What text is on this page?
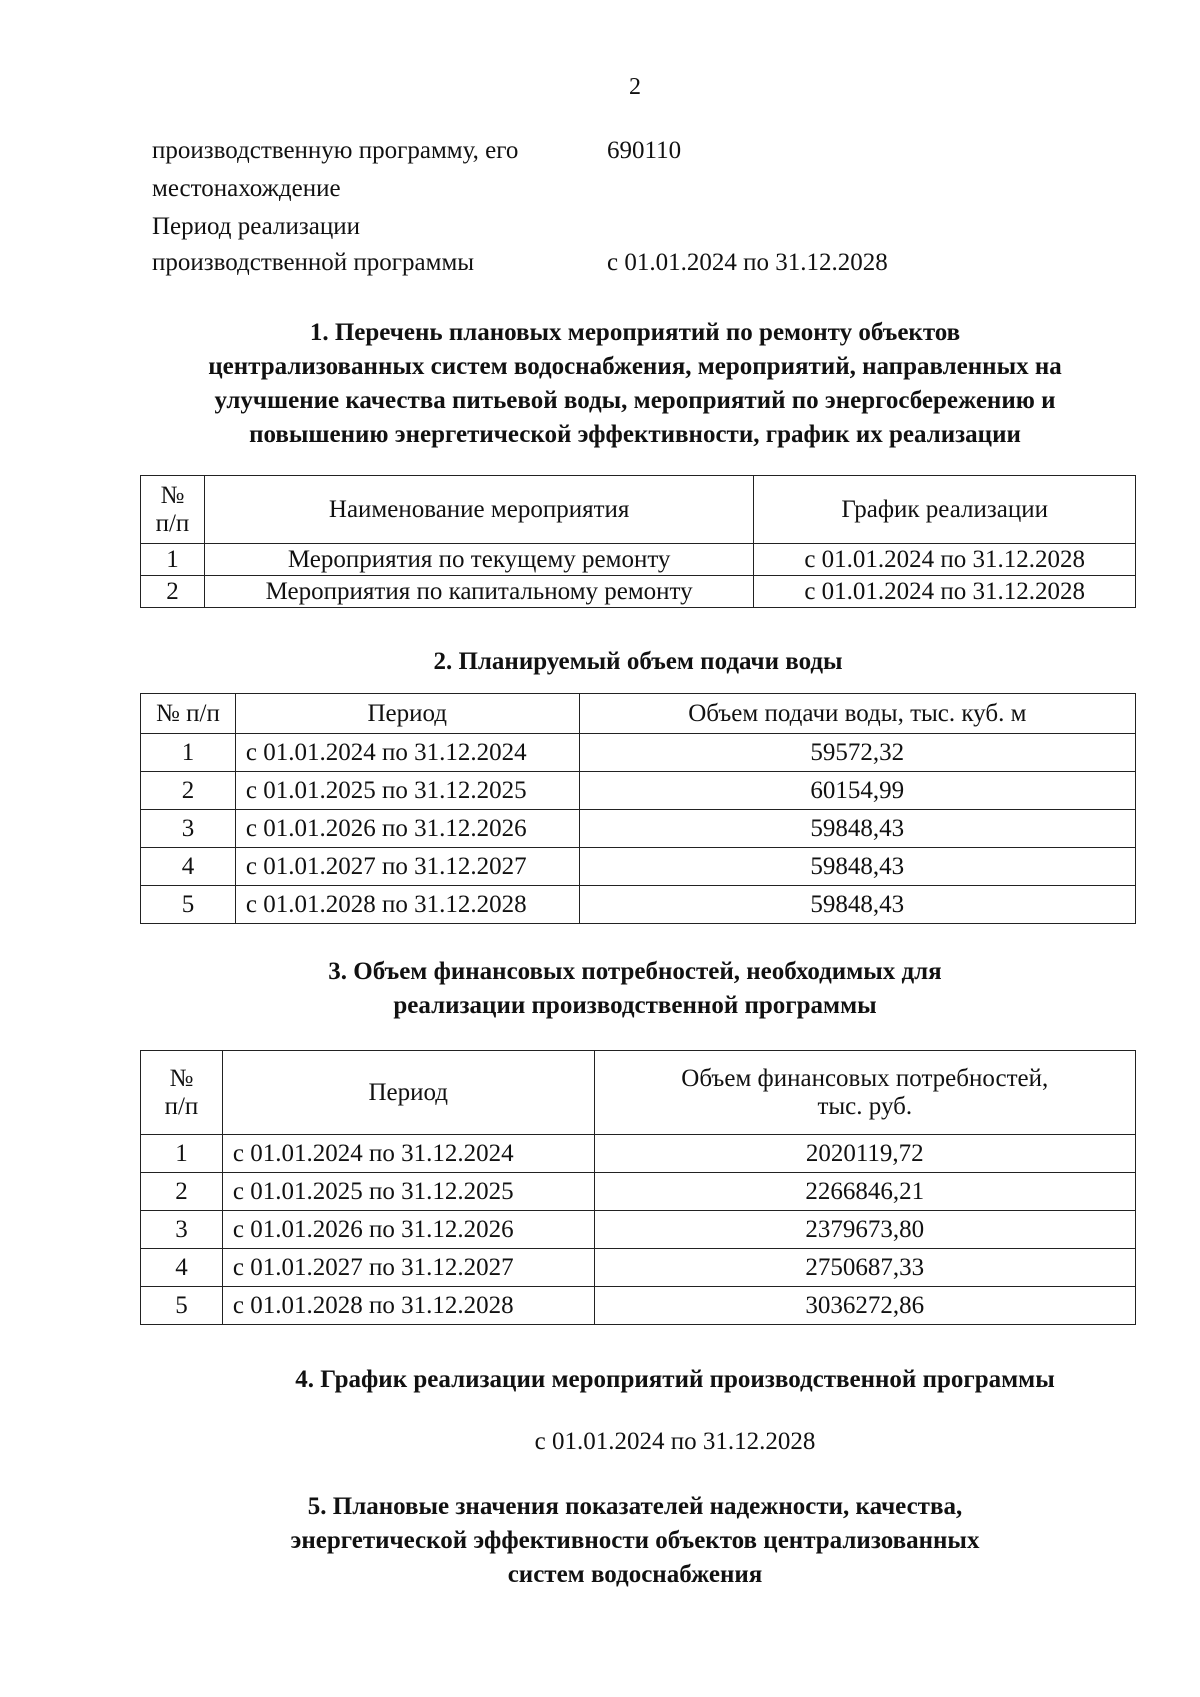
2
производственную программу, его	690110
местонахождение
Период реализации
производственной программы	с 01.01.2024 по 31.12.2028
1. Перечень плановых мероприятий по ремонту объектов
централизованных систем водоснабжения, мероприятий, направленных на
улучшение качества питьевой воды, мероприятий по энергосбережению и
повышению энергетической эффективности, график их реализации
№
п/п	Наименование мероприятия	График реализации
1	Мероприятия по текущему ремонту	с 01.01.2024 по 31.12.2028
2	Мероприятия по капитальному ремонту	с 01.01.2024 по 31.12.2028
2. Планируемый объем подачи воды
№ п/п	Период	Объем подачи воды, тыс. куб. м
1	с 01.01.2024 по 31.12.2024	59572,32
2	с 01.01.2025 по 31.12.2025	60154,99
3	с 01.01.2026 по 31.12.2026	59848,43
4	с 01.01.2027 по 31.12.2027	59848,43
5	с 01.01.2028 по 31.12.2028	59848,43
3. Объем финансовых потребностей, необходимых для
реализации производственной программы
№
п/п	Период	Объем финансовых потребностей,
тыс. руб.

1	с 01.01.2024 по 31.12.2024	2020119,72
2	с 01.01.2025 по 31.12.2025	2266846,21
3	с 01.01.2026 по 31.12.2026	2379673,80
4	с 01.01.2027 по 31.12.2027	2750687,33
5	с 01.01.2028 по 31.12.2028	3036272,86
4. График реализации мероприятий производственной программы
с 01.01.2024 по 31.12.2028
5. Плановые значения показателей надежности, качества,
энергетической эффективности объектов централизованных
систем водоснабжения
